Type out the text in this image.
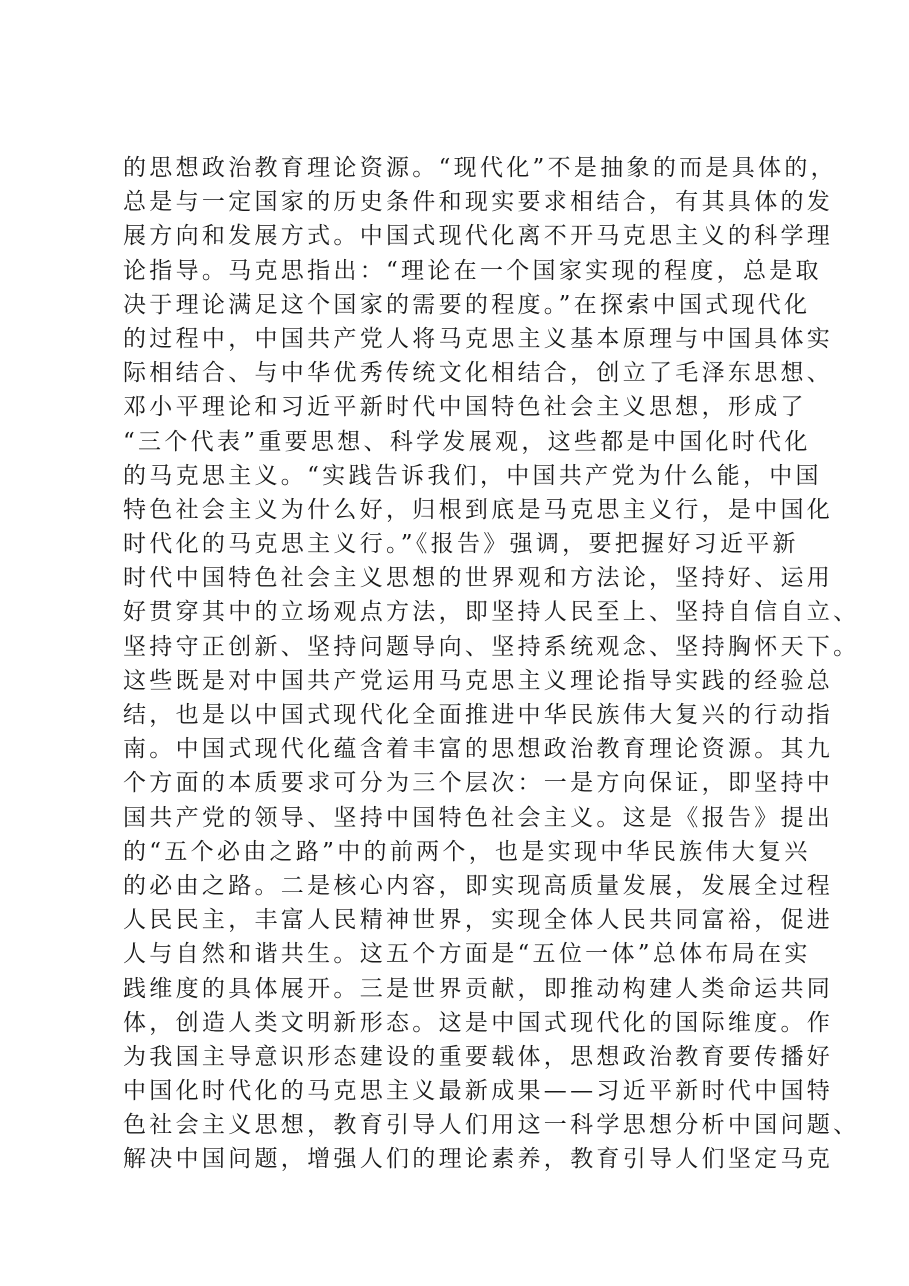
的思想政治教育理论资源。“现代化”不是抽象的而是具体的，
总是与一定国家的历史条件和现实要求相结合，有其具体的发
展方向和发展方式。中国式现代化离不开马克思主义的科学理
论指导。马克思指出：“理论在一个国家实现的程度，总是取
决于理论满足这个国家的需要的程度。”在探索中国式现代化
的过程中，中国共产党人将马克思主义基本原理与中国具体实
际相结合、与中华优秀传统文化相结合，创立了毛泽东思想、
邓小平理论和习近平新时代中国特色社会主义思想，形成了
“三个代表”重要思想、科学发展观，这些都是中国化时代化
的马克思主义。“实践告诉我们，中国共产党为什么能，中国
特色社会主义为什么好，归根到底是马克思主义行，是中国化
时代化的马克思主义行。”《报告》强调，要把握好习近平新
时代中国特色社会主义思想的世界观和方法论，坚持好、运用
好贯穿其中的立场观点方法，即坚持人民至上、坚持自信自立、
坚持守正创新、坚持问题导向、坚持系统观念、坚持胸怀天下。
这些既是对中国共产党运用马克思主义理论指导实践的经验总
结，也是以中国式现代化全面推进中华民族伟大复兴的行动指
南。中国式现代化蕴含着丰富的思想政治教育理论资源。其九
个方面的本质要求可分为三个层次：一是方向保证，即坚持中
国共产党的领导、坚持中国特色社会主义。这是《报告》提出
的“五个必由之路”中的前两个，也是实现中华民族伟大复兴
的必由之路。二是核心内容，即实现高质量发展，发展全过程
人民民主，丰富人民精神世界，实现全体人民共同富裕，促进
人与自然和谐共生。这五个方面是“五位一体”总体布局在实
践维度的具体展开。三是世界贡献，即推动构建人类命运共同
体，创造人类文明新形态。这是中国式现代化的国际维度。作
为我国主导意识形态建设的重要载体，思想政治教育要传播好
中国化时代化的马克思主义最新成果——习近平新时代中国特
色社会主义思想，教育引导人们用这一科学思想分析中国问题、
解决中国问题，增强人们的理论素养，教育引导人们坚定马克
